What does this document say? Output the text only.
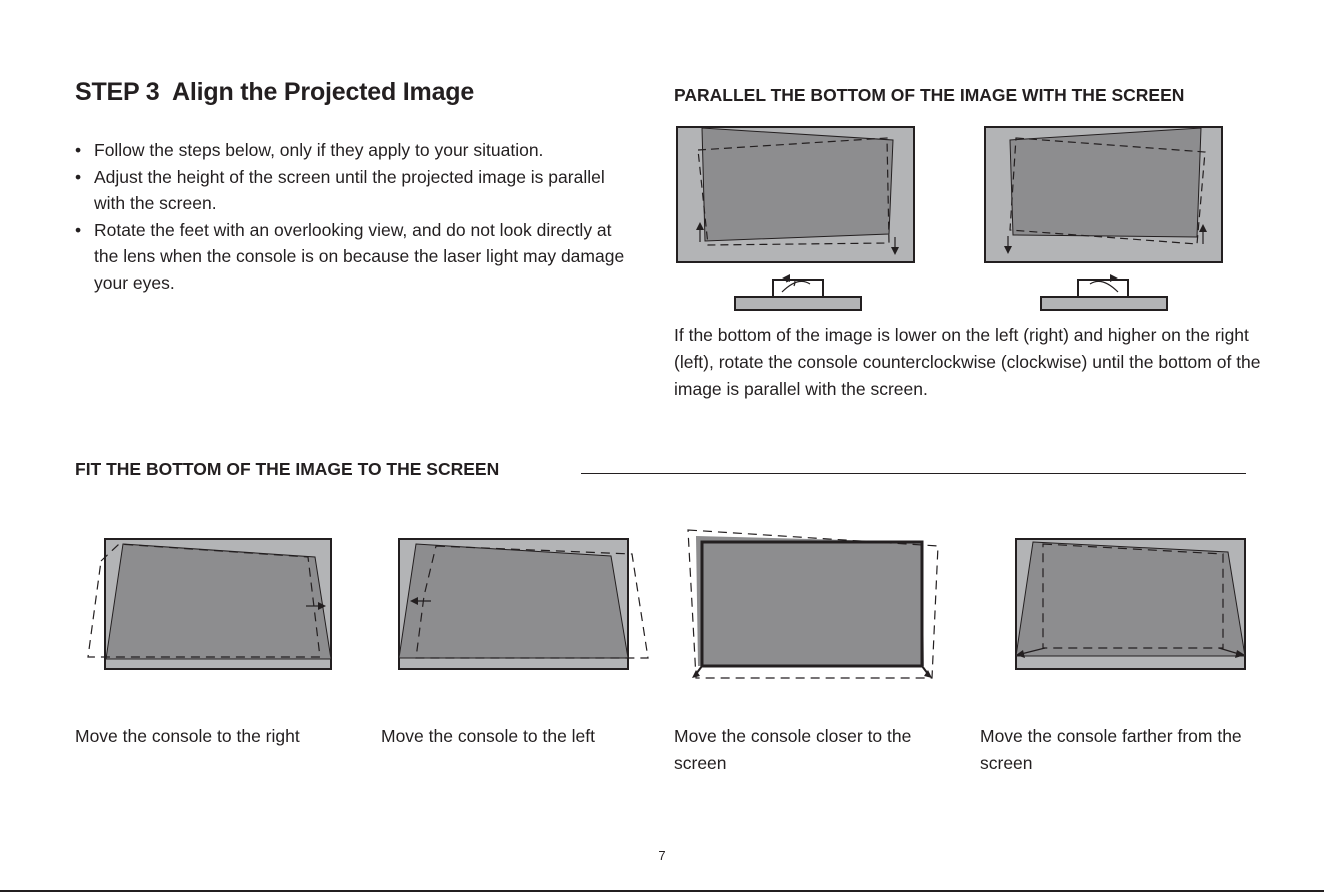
STEP 3  Align the Projected Image
• Follow the steps below, only if they apply to your situation.
• Adjust the height of the screen until the projected image is parallel with the screen.
• Rotate the feet with an overlooking view, and do not look directly at the lens when the console is on because the laser light may damage your eyes.
PARALLEL THE BOTTOM OF THE IMAGE WITH THE SCREEN

If the bottom of the image is lower on the left (right) and higher on the right (left), rotate the console counterclockwise (clockwise) until the bottom of the image is parallel with the screen.

FIT THE BOTTOM OF THE IMAGE TO THE SCREEN

Move the console to the right	Move the console to the left	Move the console closer to the screen

Move the console farther from the screen

7
